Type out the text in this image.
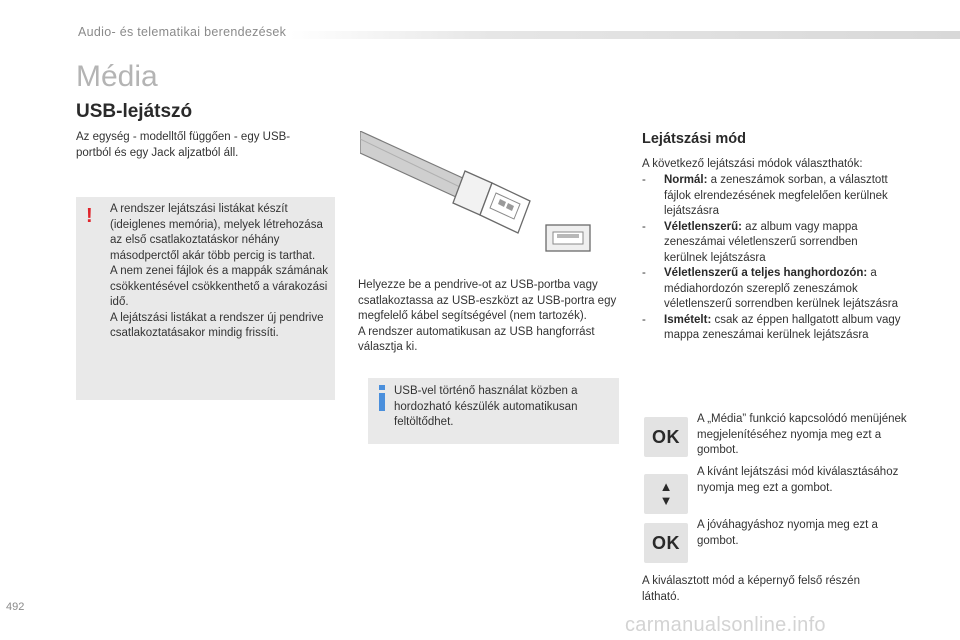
Audio- és telematikai berendezések
Média
USB-lejátszó
Az egység - modelltől függően - egy USB-portból és egy Jack aljzatból áll.
! A rendszer lejátszási listákat készít (ideiglenes memória), melyek létrehozása az első csatlakoztatáskor néhány másodperctől akár több percig is tarthat.
A nem zenei fájlok és a mappák számának csökkentésével csökkenthető a várakozási idő.
A lejátszási listákat a rendszer új pendrive csatlakoztatásakor mindig frissíti.
Helyezze be a pendrive-ot az USB-portba vagy csatlakoztassa az USB-eszközt az USB-portra egy megfelelő kábel segítségével (nem tartozék).
A rendszer automatikusan az USB hangforrást választja ki.
USB-vel történő használat közben a hordozható készülék automatikusan feltöltődhet.
Lejátszási mód
A következő lejátszási módok választhatók:
-	Normál: a zeneszámok sorban, a választott fájlok elrendezésének megfelelően kerülnek lejátszásra
-	Véletlenszerű: az album vagy mappa zeneszámai véletlenszerű sorrendben kerülnek lejátszásra
-	Véletlenszerű a teljes hanghordozón: a médiahordozón szereplő zeneszámok véletlenszerű sorrendben kerülnek lejátszásra
-	Ismételt: csak az éppen hallgatott album vagy mappa zeneszámai kerülnek lejátszásra
OK
A „Média” funkció kapcsolódó menüjének megjelenítéséhez nyomja meg ezt a gombot.
▲
▼
A kívánt lejátszási mód kiválasztásához nyomja meg ezt a gombot.
OK
A jóváhagyáshoz nyomja meg ezt a gombot.
A kiválasztott mód a képernyő felső részén látható.
492
carmanualsonline.info
